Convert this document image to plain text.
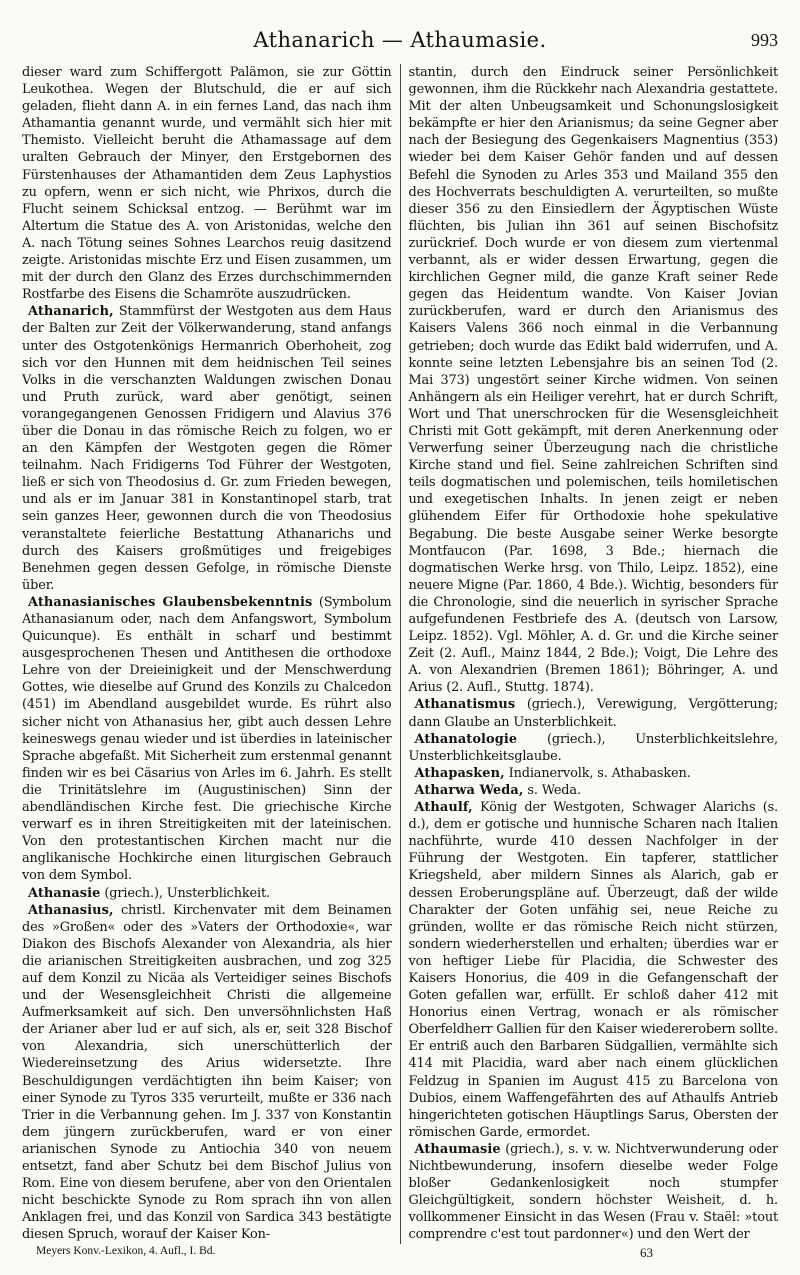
Athanarich — Athaumasie.	993

dieser ward zum Schiffergott Palämon, sie zur Göttin Leukothea. Wegen der Blutschuld, die er auf sich geladen, flieht dann A. in ein fernes Land, das nach ihm Athamantia genannt wurde, und vermählt sich hier mit Themisto. Vielleicht beruht die Athamassage auf dem uralten Gebrauch der Minyer, den Erstgebornen des Fürstenhauses der Athamantiden dem Zeus Laphystios zu opfern, wenn er sich nicht, wie Phrixos, durch die Flucht seinem Schicksal entzog. — Berühmt war im Altertum die Statue des A. von Aristonidas, welche den A. nach Tötung seines Sohnes Learchos reuig dasitzend zeigte. Aristonidas mischte Erz und Eisen zusammen, um mit der durch den Glanz des Erzes durchschimmernden Rostfarbe des Eisens die Schamröte auszudrücken.

Athanarich, Stammfürst der Westgoten aus dem Haus der Balten zur Zeit der Völkerwanderung, stand anfangs unter des Ostgotenkönigs Hermanrich Oberhoheit, zog sich vor den Hunnen mit dem heidnischen Teil seines Volks in die verschanzten Waldungen zwischen Donau und Pruth zurück, ward aber genötigt, seinen vorangegangenen Genossen Fridigern und Alavius 376 über die Donau in das römische Reich zu folgen, wo er an den Kämpfen der Westgoten gegen die Römer teilnahm. Nach Fridigerns Tod Führer der Westgoten, ließ er sich von Theodosius d. Gr. zum Frieden bewegen, und als er im Januar 381 in Konstantinopel starb, trat sein ganzes Heer, gewonnen durch die von Theodosius veranstaltete feierliche Bestattung Athanarichs und durch des Kaisers großmütiges und freigebiges Benehmen gegen dessen Gefolge, in römische Dienste über.

Athanasianisches Glaubensbekenntnis (Symbolum Athanasianum oder, nach dem Anfangswort, Symbolum Quicunque). Es enthält in scharf und bestimmt ausgesprochenen Thesen und Antithesen die orthodoxe Lehre von der Dreieinigkeit und der Menschwerdung Gottes, wie dieselbe auf Grund des Konzils zu Chalcedon (451) im Abendland ausgebildet wurde. Es rührt also sicher nicht von Athanasius her, gibt auch dessen Lehre keineswegs genau wieder und ist überdies in lateinischer Sprache abgefaßt. Mit Sicherheit zum erstenmal genannt finden wir es bei Cäsarius von Arles im 6. Jahrh. Es stellt die Trinitätslehre im (Augustinischen) Sinn der abendländischen Kirche fest. Die griechische Kirche verwarf es in ihren Streitigkeiten mit der lateinischen. Von den protestantischen Kirchen macht nur die anglikanische Hochkirche einen liturgischen Gebrauch von dem Symbol.

Athanasie (griech.), Unsterblichkeit.

Athanasius, christl. Kirchenvater mit dem Beinamen des »Großen« oder des »Vaters der Orthodoxie«, war Diakon des Bischofs Alexander von Alexandria, als hier die arianischen Streitigkeiten ausbrachen, und zog 325 auf dem Konzil zu Nicäa als Verteidiger seines Bischofs und der Wesensgleichheit Christi die allgemeine Aufmerksamkeit auf sich. Den unversöhnlichsten Haß der Arianer aber lud er auf sich, als er, seit 328 Bischof von Alexandria, sich unerschütterlich der Wiedereinsetzung des Arius widersetzte. Ihre Beschuldigungen verdächtigten ihn beim Kaiser; von einer Synode zu Tyros 335 verurteilt, mußte er 336 nach Trier in die Verbannung gehen. Im J. 337 von Konstantin dem jüngern zurückberufen, ward er von einer arianischen Synode zu Antiochia 340 von neuem entsetzt, fand aber Schutz bei dem Bischof Julius von Rom. Eine von diesem berufene, aber von den Orientalen nicht beschickte Synode zu Rom sprach ihn von allen Anklagen frei, und das Konzil von Sardica 343 bestätigte diesen Spruch, worauf der Kaiser Kon-

stantin, durch den Eindruck seiner Persönlichkeit gewonnen, ihm die Rückkehr nach Alexandria gestattete. Mit der alten Unbeugsamkeit und Schonungslosigkeit bekämpfte er hier den Arianismus; da seine Gegner aber nach der Besiegung des Gegenkaisers Magnentius (353) wieder bei dem Kaiser Gehör fanden und auf dessen Befehl die Synoden zu Arles 353 und Mailand 355 den des Hochverrats beschuldigten A. verurteilten, so mußte dieser 356 zu den Einsiedlern der Ägyptischen Wüste flüchten, bis Julian ihn 361 auf seinen Bischofsitz zurückrief. Doch wurde er von diesem zum viertenmal verbannt, als er wider dessen Erwartung, gegen die kirchlichen Gegner mild, die ganze Kraft seiner Rede gegen das Heidentum wandte. Von Kaiser Jovian zurückberufen, ward er durch den Arianismus des Kaisers Valens 366 noch einmal in die Verbannung getrieben; doch wurde das Edikt bald widerrufen, und A. konnte seine letzten Lebensjahre bis an seinen Tod (2. Mai 373) ungestört seiner Kirche widmen. Von seinen Anhängern als ein Heiliger verehrt, hat er durch Schrift, Wort und That unerschrocken für die Wesensgleichheit Christi mit Gott gekämpft, mit deren Anerkennung oder Verwerfung seiner Überzeugung nach die christliche Kirche stand und fiel. Seine zahlreichen Schriften sind teils dogmatischen und polemischen, teils homiletischen und exegetischen Inhalts. In jenen zeigt er neben glühendem Eifer für Orthodoxie hohe spekulative Begabung. Die beste Ausgabe seiner Werke besorgte Montfaucon (Par. 1698, 3 Bde.; hiernach die dogmatischen Werke hrsg. von Thilo, Leipz. 1852), eine neuere Migne (Par. 1860, 4 Bde.). Wichtig, besonders für die Chronologie, sind die neuerlich in syrischer Sprache aufgefundenen Festbriefe des A. (deutsch von Larsow, Leipz. 1852). Vgl. Möhler, A. d. Gr. und die Kirche seiner Zeit (2. Aufl., Mainz 1844, 2 Bde.); Voigt, Die Lehre des A. von Alexandrien (Bremen 1861); Böhringer, A. und Arius (2. Aufl., Stuttg. 1874).

Athanatismus (griech.), Verewigung, Vergötterung; dann Glaube an Unsterblichkeit.

Athanatologie (griech.), Unsterblichkeitslehre, Unsterblichkeitsglaube.

Athapasken, Indianervolk, s. Athabasken.

Atharwa Weda, s. Weda.

Athaulf, König der Westgoten, Schwager Alarichs (s. d.), dem er gotische und hunnische Scharen nach Italien nachführte, wurde 410 dessen Nachfolger in der Führung der Westgoten. Ein tapferer, stattlicher Kriegsheld, aber mildern Sinnes als Alarich, gab er dessen Eroberungspläne auf. Überzeugt, daß der wilde Charakter der Goten unfähig sei, neue Reiche zu gründen, wollte er das römische Reich nicht stürzen, sondern wiederherstellen und erhalten; überdies war er von heftiger Liebe für Placidia, die Schwester des Kaisers Honorius, die 409 in die Gefangenschaft der Goten gefallen war, erfüllt. Er schloß daher 412 mit Honorius einen Vertrag, wonach er als römischer Oberfeldherr Gallien für den Kaiser wiedererobern sollte. Er entriß auch den Barbaren Südgallien, vermählte sich 414 mit Placidia, ward aber nach einem glücklichen Feldzug in Spanien im August 415 zu Barcelona von Dubios, einem Waffengefährten des auf Athaulfs Antrieb hingerichteten gotischen Häuptlings Sarus, Obersten der römischen Garde, ermordet.

Athaumasie (griech.), s. v. w. Nichtverwunderung oder Nichtbewunderung, insofern dieselbe weder Folge bloßer Gedankenlosigkeit noch stumpfer Gleichgültigkeit, sondern höchster Weisheit, d. h. vollkommener Einsicht in das Wesen (Frau v. Staël: »tout comprendre c'est tout pardonner«) und den Wert der

Meyers Konv.-Lexikon, 4. Aufl., I. Bd.	63
